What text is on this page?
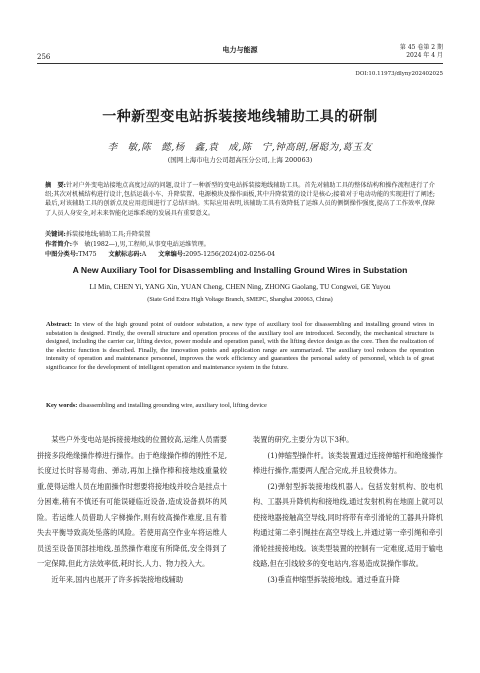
256
电力与能源	第 45 卷第 2 期
2024 年 4 月
DOI:10.11973/dlyny202402025
一种新型变电站拆装接地线辅助工具的研制
李　敏,陈　懿,杨　鑫,袁　成,陈　宁,钟高朗,屠聪为,葛玉友
(国网上海市电力公司超高压分公司,上海 200063)
摘　要:针对户外变电站接地点高度过高的问题,设计了一种新型的变电站拆装接地线辅助工具。首先对辅助工具的整体结构和操作流程进行了介绍;其次对机械结构进行设计,包括运载小车、升降装置、电源模块及操作面板,其中升降装置的设计是核心;接着对于电动功能的实现进行了阐述;最后,对该辅助工具的创新点及应用范围进行了总结归纳。实际应用表明,该辅助工具有效降低了运维人员的侧倒操作强度,提高了工作效率,保障了人员人身安全,对未来智能化运维系统的发展具有重要意义。
关键词:拆装接地线;辅助工具;升降装置
作者简介:李　敏(1982—),男,工程师,从事变电站运维管理。
中图分类号:TM75 文献标志码:A 文章编号:2095-1256(2024)02-0256-04
A New Auxiliary Tool for Disassembling and Installing Ground Wires in Substation
LI Min, CHEN Yi, YANG Xin, YUAN Cheng, CHEN Ning, ZHONG Gaolang, TU Congwei, GE Yuyou
(State Grid Extra High Voltage Branch, SMEPC, Shanghai 200063, China)
Abstract: In view of the high ground point of outdoor substation, a new type of auxiliary tool for disassembling and installing ground wires in substation is designed. Firstly, the overall structure and operation process of the auxiliary tool are introduced. Secondly, the mechanical structure is designed, including the carrier car, lifting device, power module and operation panel, with the lifting device design as the core. Then the realization of the electric function is described. Finally, the innovation points and application range are summarized. The auxiliary tool reduces the operation intensity of operation and maintenance personnel, improves the work efficiency and guarantees the personal safety of personnel, which is of great significance for the development of intelligent operation and maintenance system in the future.
Key words: disassembling and installing grounding wire, auxiliary tool, lifting device

某些户外变电站是拆接接地线的位置较高,运维人员需要拼接多段绝缘操作棒进行操作。由于绝缘操作棒的刚性不足,长度过长时容易弯曲、弹动,再加上操作棒和接地线重量较重,使得运维人员在地面操作时想要将接地线并咬合是挂点十分困难,稍有不慎还有可能误碰临近设备,造成设备损坏的风险。若运维人员借助人字梯操作,则有较高操作难度,且有着失去平衡导致高处坠落的风险。若使用高空作业车将运维人员送至设备顶部挂地线,虽然操作难度有所降低,安全得到了一定保障,但此方法效率低,耗时长,人力、物力投入大。

近年来,国内也展开了许多拆装接地线辅助

装置的研究,主要分为以下3种。

(1)伸缩型操作杆。该类装置通过连接伸缩杆和绝缘操作棒进行操作,需要两人配合完成,并且较费体力。

(2)弹射型拆装接地线机器人。包括发射机构、胶电机构、工器具升降机构和接地线,通过发射机构在地面上就可以使接地器接触高空导线,同时将带有牵引滑轮的工器具升降机构通过第二牵引绳挂在高空导线上,并通过第一牵引绳和牵引滑轮挂接接地线。该类型装置的控制有一定难度,适用于输电线路,但在引线较多的变电站内,容易造成误操作事故。

(3)垂直伸缩型拆装接地线。通过垂直升降
